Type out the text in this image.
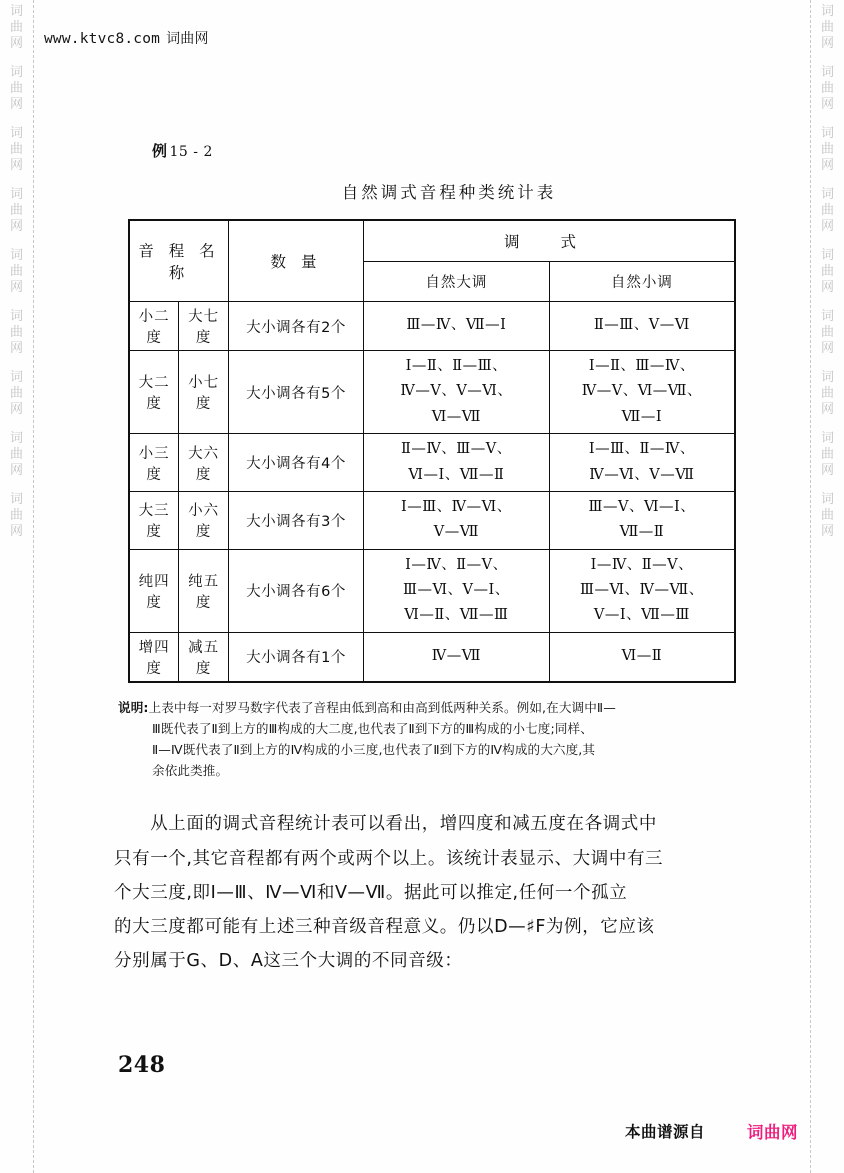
词
曲
网
词
曲
网
词
曲
网
词
曲
网
词
曲
网
词
曲
网
词
曲
网
词
曲
网
词
曲
网
词
曲
网
词
曲
网
词
曲
网
词
曲
网
词
曲
网
词
曲
网
词
曲
网
词
曲
网
词
曲
网
www.ktvc8.com 词曲网
例 15 - 2
自然调式音程种类统计表
音 程 名 称		数 量	调 式	
			自然大调	自然小调
小二度	大七度	大小调各有2个	Ⅲ—Ⅳ、Ⅶ—Ⅰ	Ⅱ—Ⅲ、Ⅴ—Ⅵ

大二度	小七度	大小调各有5个	Ⅰ—Ⅱ、Ⅱ—Ⅲ、
Ⅳ—Ⅴ、Ⅴ—Ⅵ、
Ⅵ—Ⅶ	Ⅰ—Ⅱ、Ⅲ—Ⅳ、
Ⅳ—Ⅴ、Ⅵ—Ⅶ、
Ⅶ—Ⅰ

小三度	大六度	大小调各有4个	Ⅱ—Ⅳ、Ⅲ—Ⅴ、
Ⅵ—Ⅰ、Ⅶ—Ⅱ	Ⅰ—Ⅲ、Ⅱ—Ⅳ、
Ⅳ—Ⅵ、Ⅴ—Ⅶ

大三度	小六度	大小调各有3个	Ⅰ—Ⅲ、Ⅳ—Ⅵ、
Ⅴ—Ⅶ	Ⅲ—Ⅴ、Ⅵ—Ⅰ、
Ⅶ—Ⅱ

纯四度	纯五度	大小调各有6个	Ⅰ—Ⅳ、Ⅱ—Ⅴ、
Ⅲ—Ⅵ、Ⅴ—Ⅰ、
Ⅵ—Ⅱ、Ⅶ—Ⅲ	Ⅰ—Ⅳ、Ⅱ—Ⅴ、
Ⅲ—Ⅵ、Ⅳ—Ⅶ、
Ⅴ—Ⅰ、Ⅶ—Ⅲ

增四度	减五度	大小调各有1个	Ⅳ—Ⅶ	Ⅵ—Ⅱ
说明:上表中每一对罗马数字代表了音程由低到高和由高到低两种关系。例如,在大调中Ⅱ—
Ⅲ既代表了Ⅱ到上方的Ⅲ构成的大二度,也代表了Ⅱ到下方的Ⅲ构成的小七度;同样、
Ⅱ—Ⅳ既代表了Ⅱ到上方的Ⅳ构成的小三度,也代表了Ⅱ到下方的Ⅳ构成的大六度,其
余依此类推。
　　从上面的调式音程统计表可以看出，增四度和减五度在各调式中
只有一个,其它音程都有两个或两个以上。该统计表显示、大调中有三
个大三度,即Ⅰ—Ⅲ、Ⅳ—Ⅵ和Ⅴ—Ⅶ。据此可以推定,任何一个孤立
的大三度都可能有上述三种音级音程意义。仍以D—♯F为例，它应该
分别属于G、D、A这三个大调的不同音级：
248
本曲谱源自	词曲网
